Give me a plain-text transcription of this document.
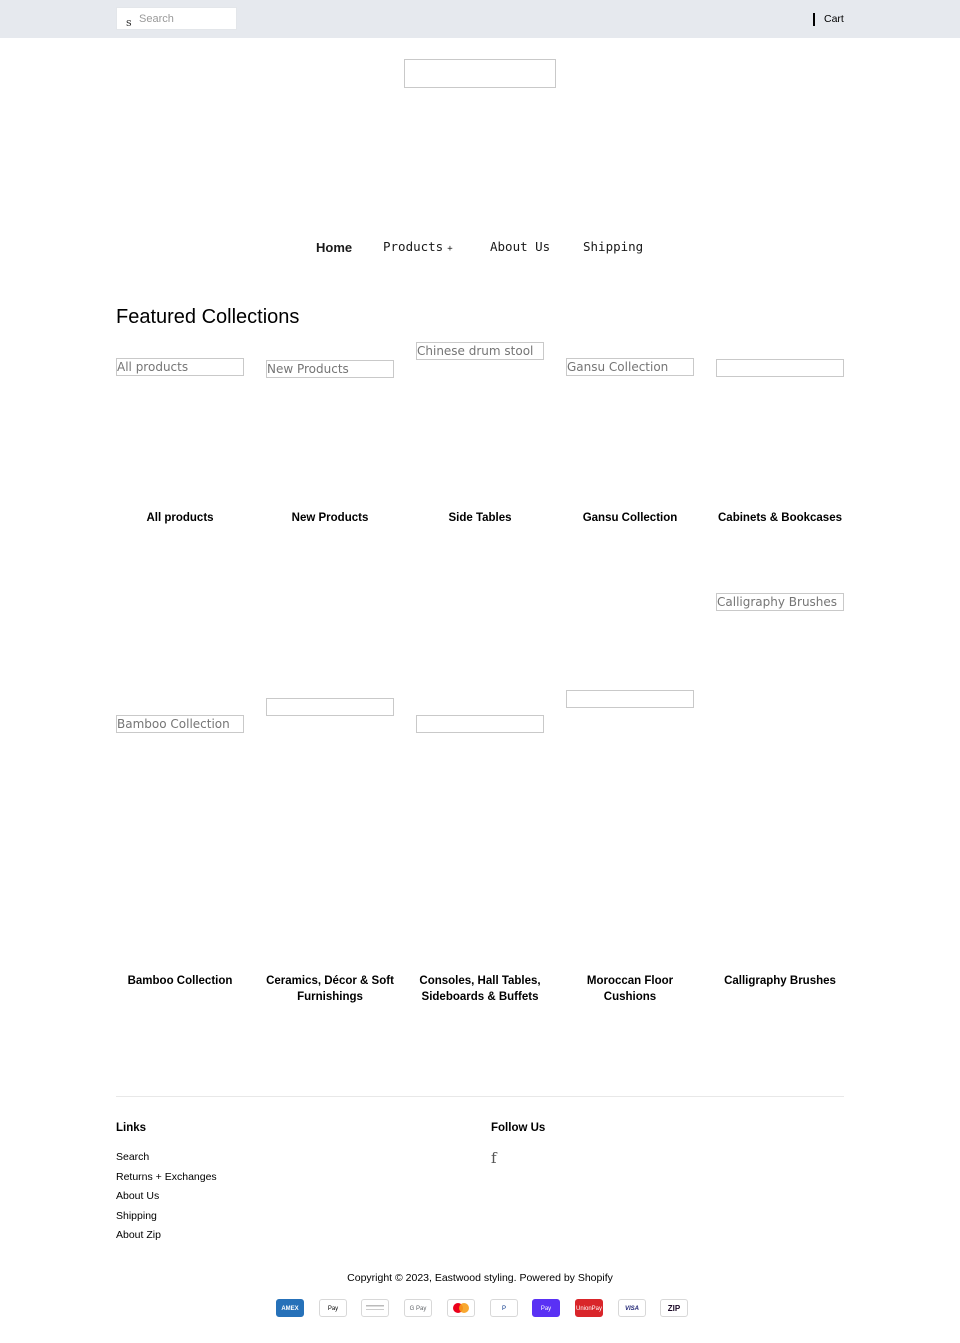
s
Search	Cart
Home Products +	About Us	Shipping
Featured Collections
All products	New Products
Chinese drum stool
Gansu Collection
All products	New Products	Side Tables	Gansu Collection	Cabinets & Bookcases
Bamboo Collection
Calligraphy Brushes
Bamboo Collection	Ceramics, Décor & Soft Furnishings
Consoles, Hall Tables, Sideboards & Buffets
Moroccan Floor Cushions
Calligraphy Brushes
Links
Search
Returns + Exchanges
About Us
Shipping
About Zip
Follow Us
f
Copyright © 2023, Eastwood styling. Powered by Shopify
AMEX	Pay	G Pay	P	Pay	UnionPay	VISA	ZIP
